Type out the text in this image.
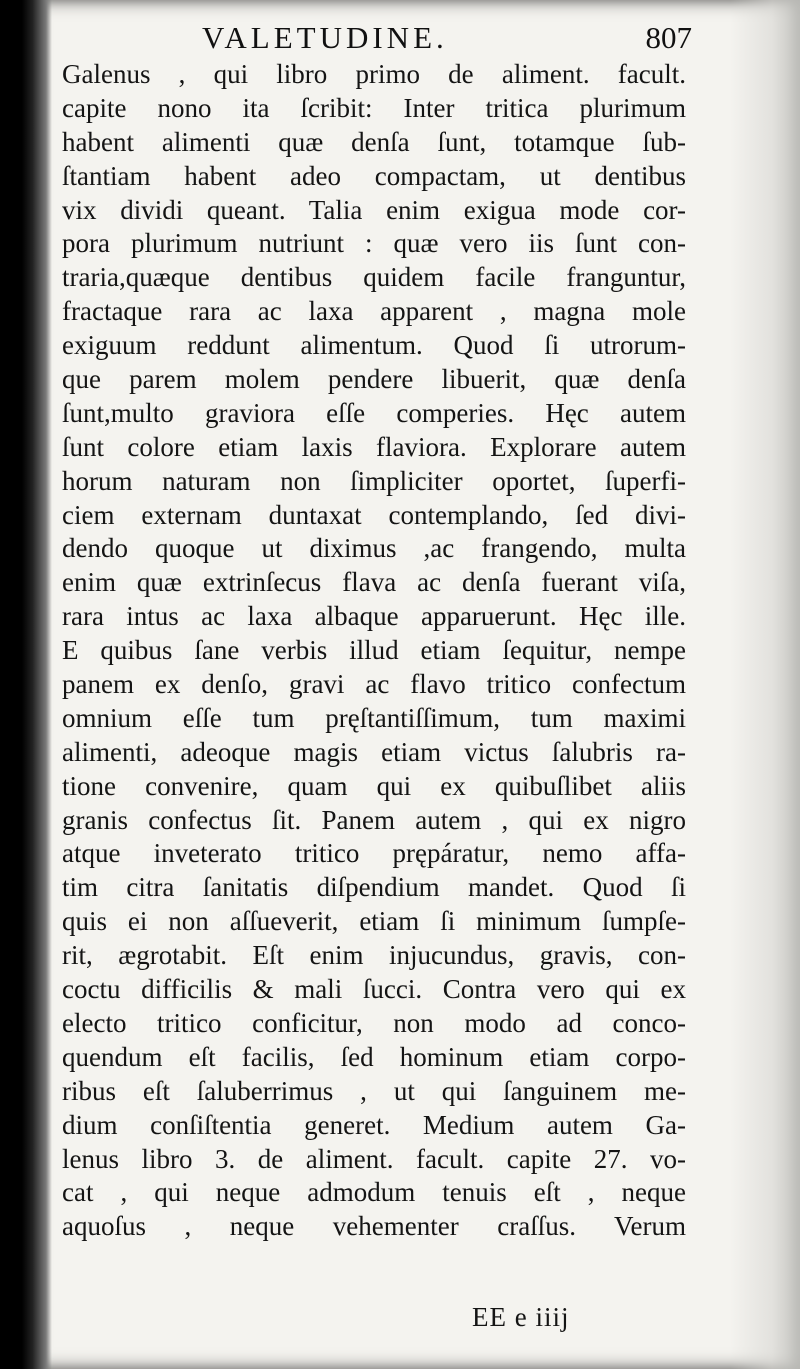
VALETUDINE.	807
Galenus , qui libro primo de aliment. facult.
capite nono ita ſcribit: Inter tritica plurimum
habent alimenti quæ denſa ſunt, totamque ſub-
ſtantiam habent adeo compactam, ut dentibus
vix dividi queant. Talia enim exigua mode cor-
pora plurimum nutriunt : quæ vero iis ſunt con-
traria,quæque dentibus quidem facile franguntur,
fractaque rara ac laxa apparent , magna mole
exiguum reddunt alimentum. Quod ſi utrorum-
que parem molem pendere libuerit, quæ denſa
ſunt,multo graviora eſſe comperies. Hęc autem
ſunt colore etiam laxis flaviora. Explorare autem
horum naturam non ſimpliciter oportet, ſuperfi-
ciem externam duntaxat contemplando, ſed divi-
dendo quoque ut diximus ,ac frangendo, multa
enim quæ extrinſecus flava ac denſa fuerant viſa,
rara intus ac laxa albaque apparuerunt. Hęc ille.
E quibus ſane verbis illud etiam ſequitur, nempe
panem ex denſo, gravi ac flavo tritico confectum
omnium eſſe tum pręſtantiſſimum, tum maximi
alimenti, adeoque magis etiam victus ſalubris ra-
tione convenire, quam qui ex quibuſlibet aliis
granis confectus ſit. Panem autem , qui ex nigro
atque inveterato tritico prępáratur, nemo affa-
tim citra ſanitatis diſpendium mandet. Quod ſi
quis ei non aſſueverit, etiam ſi minimum ſumpſe-
rit, ægrotabit. Eſt enim injucundus, gravis, con-
coctu difficilis & mali ſucci. Contra vero qui ex
electo tritico conficitur, non modo ad conco-
quendum eſt facilis, ſed hominum etiam corpo-
ribus eſt ſaluberrimus , ut qui ſanguinem me-
dium conſiſtentia generet. Medium autem Ga-
lenus libro 3. de aliment. facult. capite 27. vo-
cat , qui neque admodum tenuis eſt , neque
aquoſus , neque vehementer craſſus. Verum
EE e iiij
